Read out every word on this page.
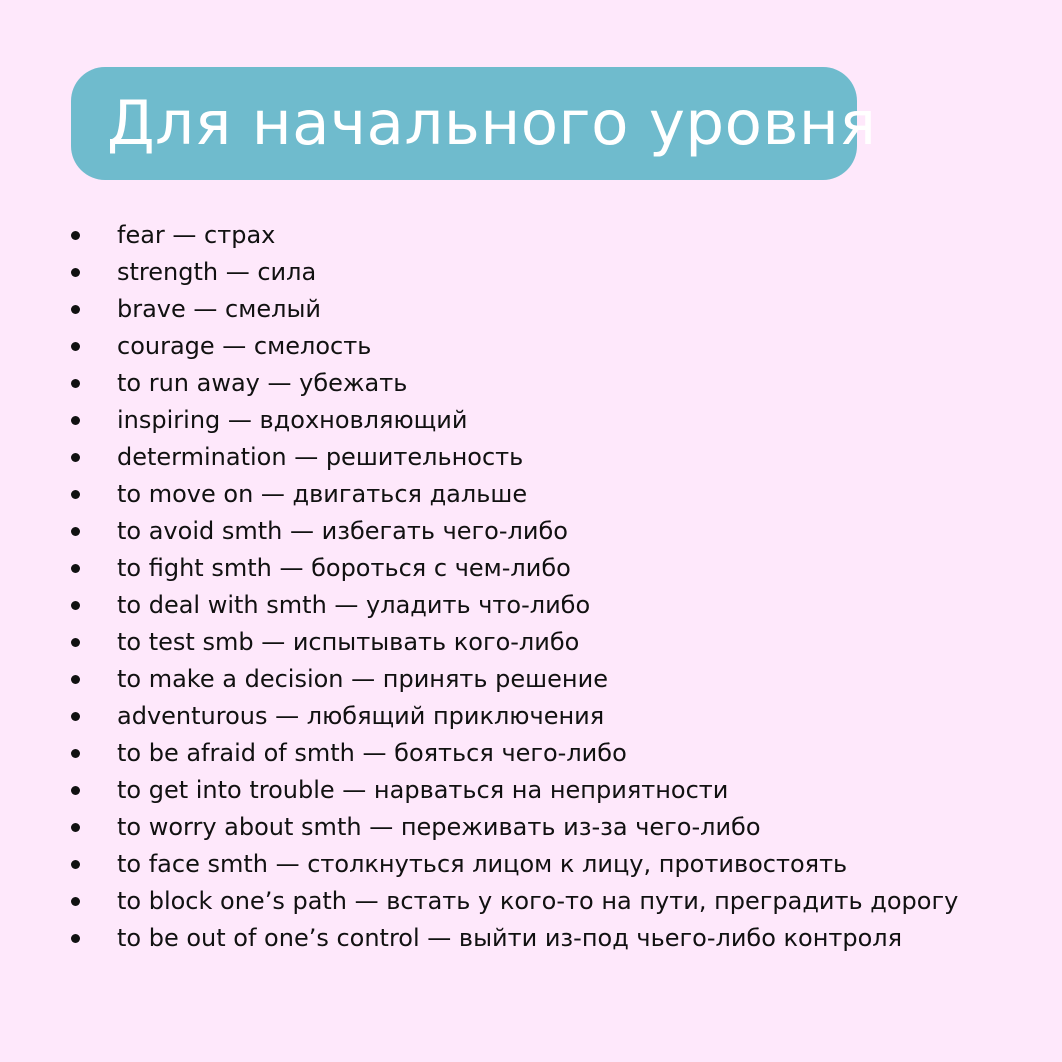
Для начального уровня
fear — страх
strength — сила
brave — смелый
courage — смелость
to run away — убежать
inspiring — вдохновляющий
determination — решительность
to move on — двигаться дальше
to avoid smth — избегать чего-либо
to fight smth — бороться с чем-либо
to deal with smth — уладить что-либо
to test smb — испытывать кого-либо
to make a decision — принять решение
adventurous — любящий приключения
to be afraid of smth — бояться чего-либо
to get into trouble — нарваться на неприятности
to worry about smth — переживать из-за чего-либо
to face smth — столкнуться лицом к лицу, противостоять
to block one’s path — встать у кого-то на пути, преградить дорогу
to be out of one’s control — выйти из-под чьего-либо контроля
